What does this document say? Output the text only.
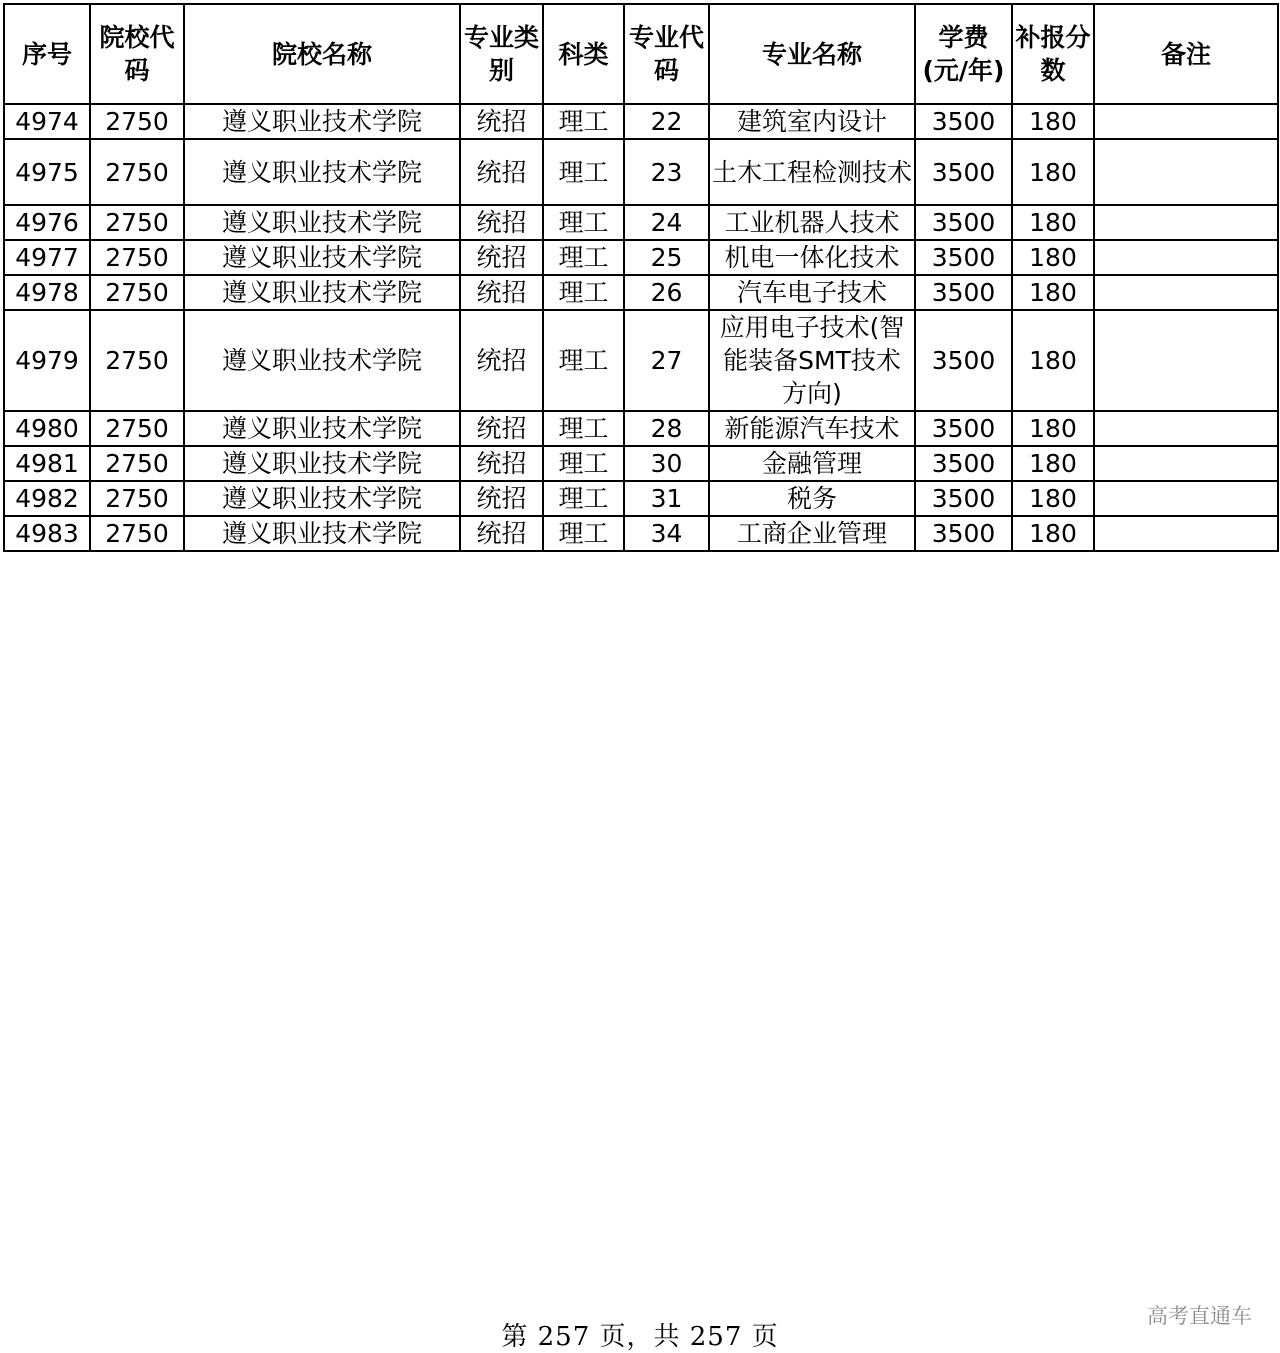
序号	院校代码	院校名称	专业类别	科类	专业代码	专业名称	学费(元/年)	补报分数	备注
4974	2750	遵义职业技术学院	统招	理工	22	建筑室内设计	3500	180	
4975	2750	遵义职业技术学院	统招	理工	23	土木工程检测技术	3500	180	
4976	2750	遵义职业技术学院	统招	理工	24	工业机器人技术	3500	180	
4977	2750	遵义职业技术学院	统招	理工	25	机电一体化技术	3500	180	
4978	2750	遵义职业技术学院	统招	理工	26	汽车电子技术	3500	180	
4979	2750	遵义职业技术学院	统招	理工	27	应用电子技术(智能装备SMT技术方向)	3500	180	
4980	2750	遵义职业技术学院	统招	理工	28	新能源汽车技术	3500	180	
4981	2750	遵义职业技术学院	统招	理工	30	金融管理	3500	180	
4982	2750	遵义职业技术学院	统招	理工	31	税务	3500	180	
4983	2750	遵义职业技术学院	统招	理工	34	工商企业管理	3500	180	
高考直通车
第 257 页，共 257 页
